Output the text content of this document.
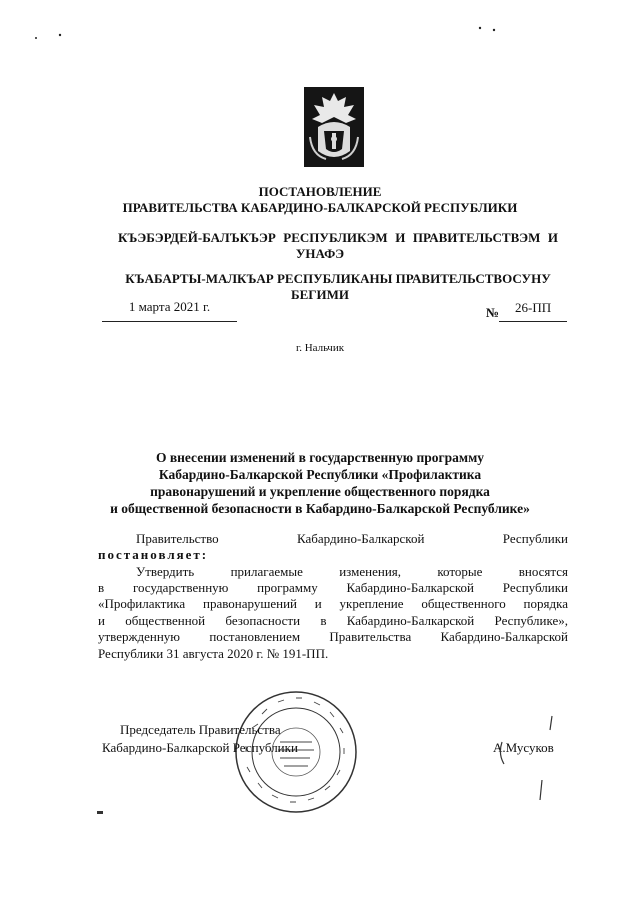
ПОСТАНОВЛЕНИЕ
ПРАВИТЕЛЬСТВА КАБАРДИНО-БАЛКАРСКОЙ РЕСПУБЛИКИ
КЪЭБЭРДЕЙ-БАЛЪКЪЭР РЕСПУБЛИКЭМ И ПРАВИТЕЛЬСТВЭМ И
УНАФЭ
КЪАБАРТЫ-МАЛКЪАР РЕСПУБЛИКАНЫ ПРАВИТЕЛЬСТВОСУНУ
БЕГИМИ
1 марта 2021 г.	№ 26-ПП
г. Нальчик
О внесении изменений в государственную программу
Кабардино-Балкарской Республики «Профилактика
правонарушений и укрепление общественного порядка
и общественной безопасности в Кабардино-Балкарской Республике»
Правительство	Кабардино-Балкарской	Республики
постановляет:
Утвердить прилагаемые изменения, которые вносятся
в государственную программу Кабардино-Балкарской Республики
«Профилактика правонарушений и укрепление общественного порядка
и общественной безопасности в Кабардино-Балкарской Республике»,
утвержденную постановлением Правительства Кабардино-Балкарской
Республики 31 августа 2020 г. № 191-ПП.
Председатель Правительства
Кабардино-Балкарской Республики	А.Мусуков
